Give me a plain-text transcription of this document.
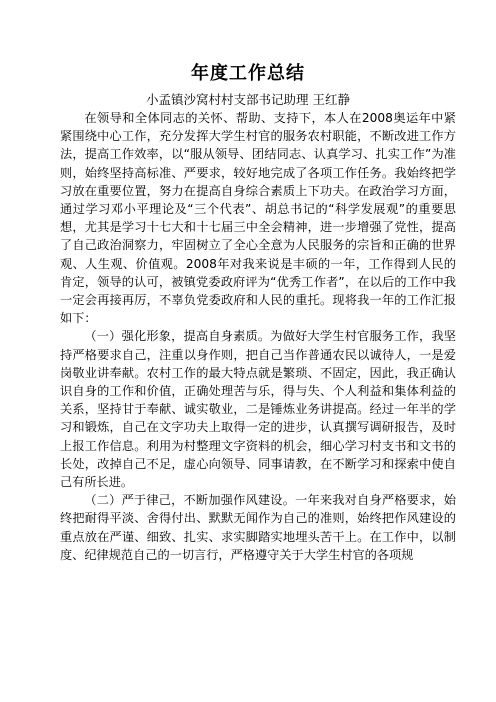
年度工作总结
小孟镇沙窝村村支部书记助理 王红静

在领导和全体同志的关怀、帮助、支持下，本人在2008奥运年中紧紧围绕中心工作，充分发挥大学生村官的服务农村职能，不断改进工作方法，提高工作效率，以“服从领导、团结同志、认真学习、扎实工作”为准则，始终坚持高标准、严要求，较好地完成了各项工作任务。我始终把学习放在重要位置，努力在提高自身综合素质上下功夫。在政治学习方面，通过学习邓小平理论及“三个代表”、胡总书记的“科学发展观”的重要思想，尤其是学习十七大和十七届三中全会精神，进一步增强了党性，提高了自己政治洞察力，牢固树立了全心全意为人民服务的宗旨和正确的世界观、人生观、价值观。2008年对我来说是丰硕的一年，工作得到人民的肯定，领导的认可，被镇党委政府评为“优秀工作者”，在以后的工作中我一定会再接再厉，不辜负党委政府和人民的重托。现将我一年的工作汇报如下：

（一）强化形象，提高自身素质。为做好大学生村官服务工作，我坚持严格要求自己，注重以身作则，把自己当作普通农民以诚待人，一是爱岗敬业讲奉献。农村工作的最大特点就是繁琐、不固定，因此，我正确认识自身的工作和价值，正确处理苦与乐，得与失、个人利益和集体利益的关系，坚持甘于奉献、诚实敬业，二是锤炼业务讲提高。经过一年半的学习和锻炼，自己在文字功夫上取得一定的进步，认真撰写调研报告，及时上报工作信息。利用为村整理文字资料的机会，细心学习村支书和文书的长处，改掉自己不足，虚心向领导、同事请教，在不断学习和探索中使自己有所长进。

（二）严于律己，不断加强作风建设。一年来我对自身严格要求，始终把耐得平淡、舍得付出、默默无闻作为自己的准则，始终把作风建设的重点放在严谨、细致、扎实、求实脚踏实地埋头苦干上。在工作中，以制度、纪律规范自己的一切言行，严格遵守关于大学生村官的各项规
